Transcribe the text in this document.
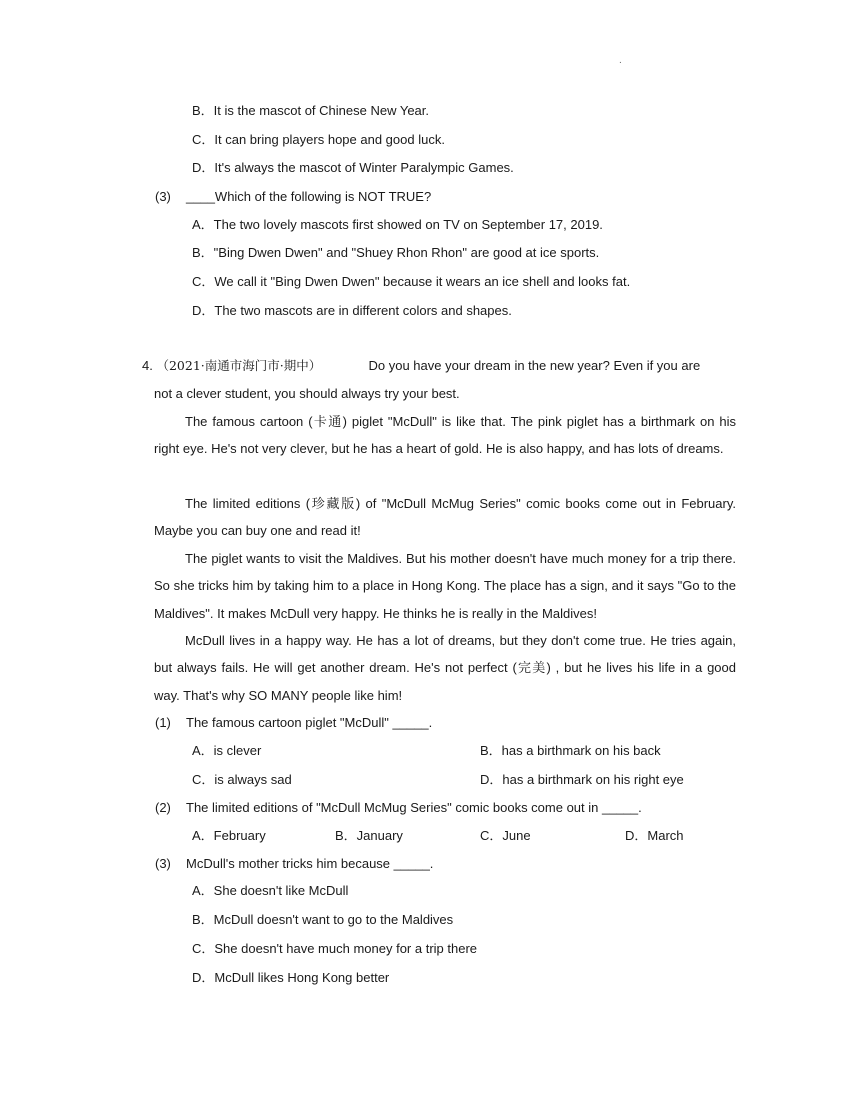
.
B．It is the mascot of Chinese New Year.
C．It can bring players hope and good luck.
D．It's always the mascot of Winter Paralympic Games.
(3) ____Which of the following is NOT TRUE?
A．The two lovely mascots first showed on TV on September 17, 2019.
B．"Bing Dwen Dwen" and "Shuey Rhon Rhon" are good at ice sports.
C．We call it "Bing Dwen Dwen" because it wears an ice shell and looks fat.
D．The two mascots are in different colors and shapes.
4. （2021·南通市海门市·期中）	Do you have your dream in the new year? Even if you are
not a clever student, you should always try your best.
The famous cartoon (卡通) piglet "McDull" is like that. The pink piglet has a birthmark on his right eye. He's not very clever, but he has a heart of gold. He is also happy, and has lots of dreams.
The limited editions (珍藏版) of "McDull McMug Series" comic books come out in February. Maybe you can buy one and read it!
The piglet wants to visit the Maldives. But his mother doesn't have much money for a trip there. So she tricks him by taking him to a place in Hong Kong. The place has a sign, and it says "Go to the Maldives". It makes McDull very happy. He thinks he is really in the Maldives!
McDull lives in a happy way. He has a lot of dreams, but they don't come true. He tries again, but always fails. He will get another dream. He's not perfect (完美) , but he lives his life in a good way. That's why SO MANY people like him!
(1) The famous cartoon piglet "McDull" _____.
A．is clever	B．has a birthmark on his back
C．is always sad	D．has a birthmark on his right eye
(2) The limited editions of "McDull McMug Series" comic books come out in _____.
A．February	B．January	C．June	D．March
(3) McDull's mother tricks him because _____.
A．She doesn't like McDull
B．McDull doesn't want to go to the Maldives
C．She doesn't have much money for a trip there
D．McDull likes Hong Kong better
